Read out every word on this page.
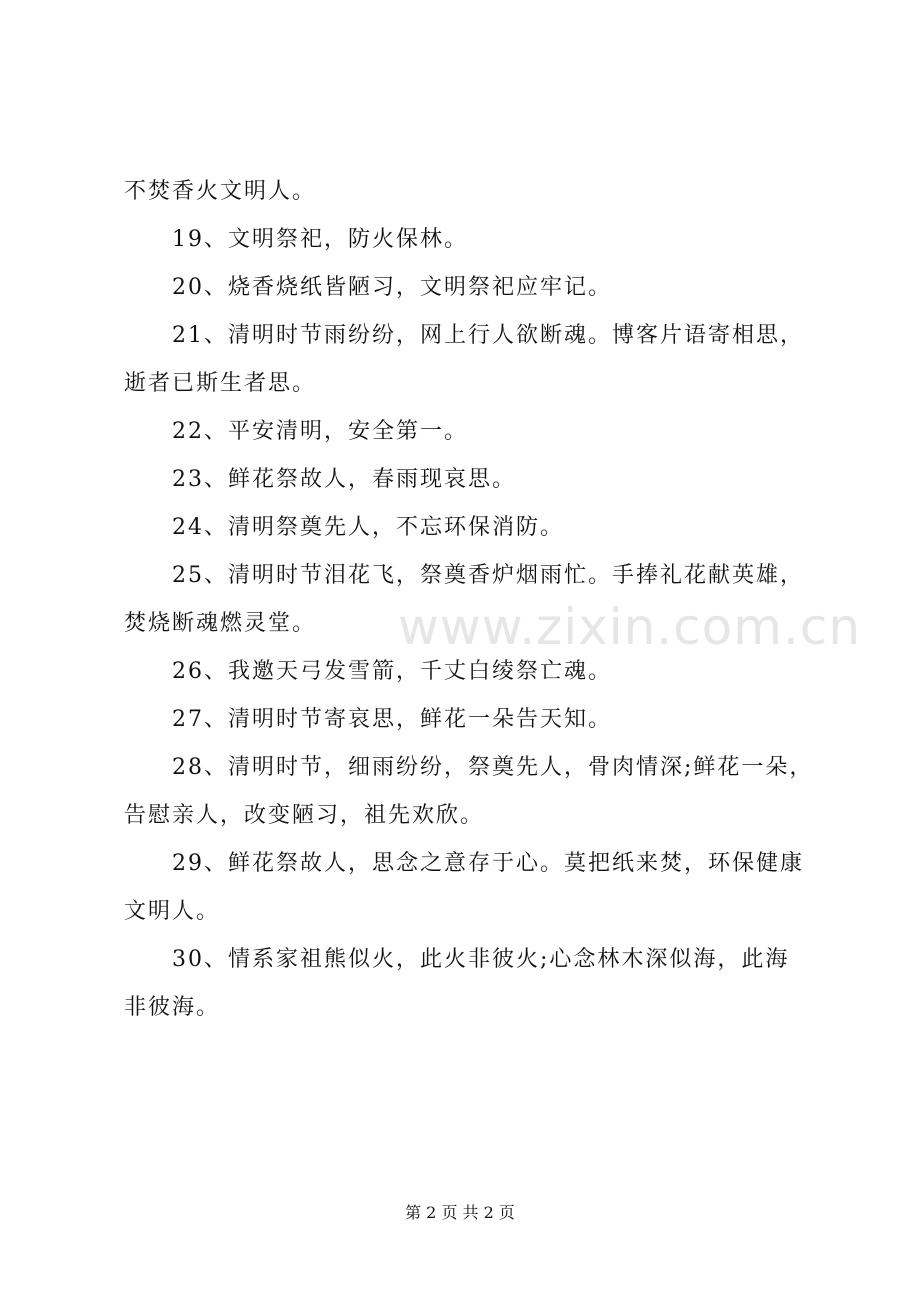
www.zixin.com.cn
不焚香火文明人。
19、文明祭祀，防火保林。
20、烧香烧纸皆陋习，文明祭祀应牢记。
21、清明时节雨纷纷，网上行人欲断魂。博客片语寄相思，
逝者已斯生者思。
22、平安清明，安全第一。
23、鲜花祭故人，春雨现哀思。
24、清明祭奠先人，不忘环保消防。
25、清明时节泪花飞，祭奠香炉烟雨忙。手捧礼花献英雄，
焚烧断魂燃灵堂。
26、我邀天弓发雪箭，千丈白绫祭亡魂。
27、清明时节寄哀思，鲜花一朵告天知。
28、清明时节，细雨纷纷，祭奠先人，骨肉情深;鲜花一朵，
告慰亲人，改变陋习，祖先欢欣。
29、鲜花祭故人，思念之意存于心。莫把纸来焚，环保健康
文明人。
30、情系家祖熊似火，此火非彼火;心念林木深似海，此海
非彼海。
第 2 页 共 2 页
